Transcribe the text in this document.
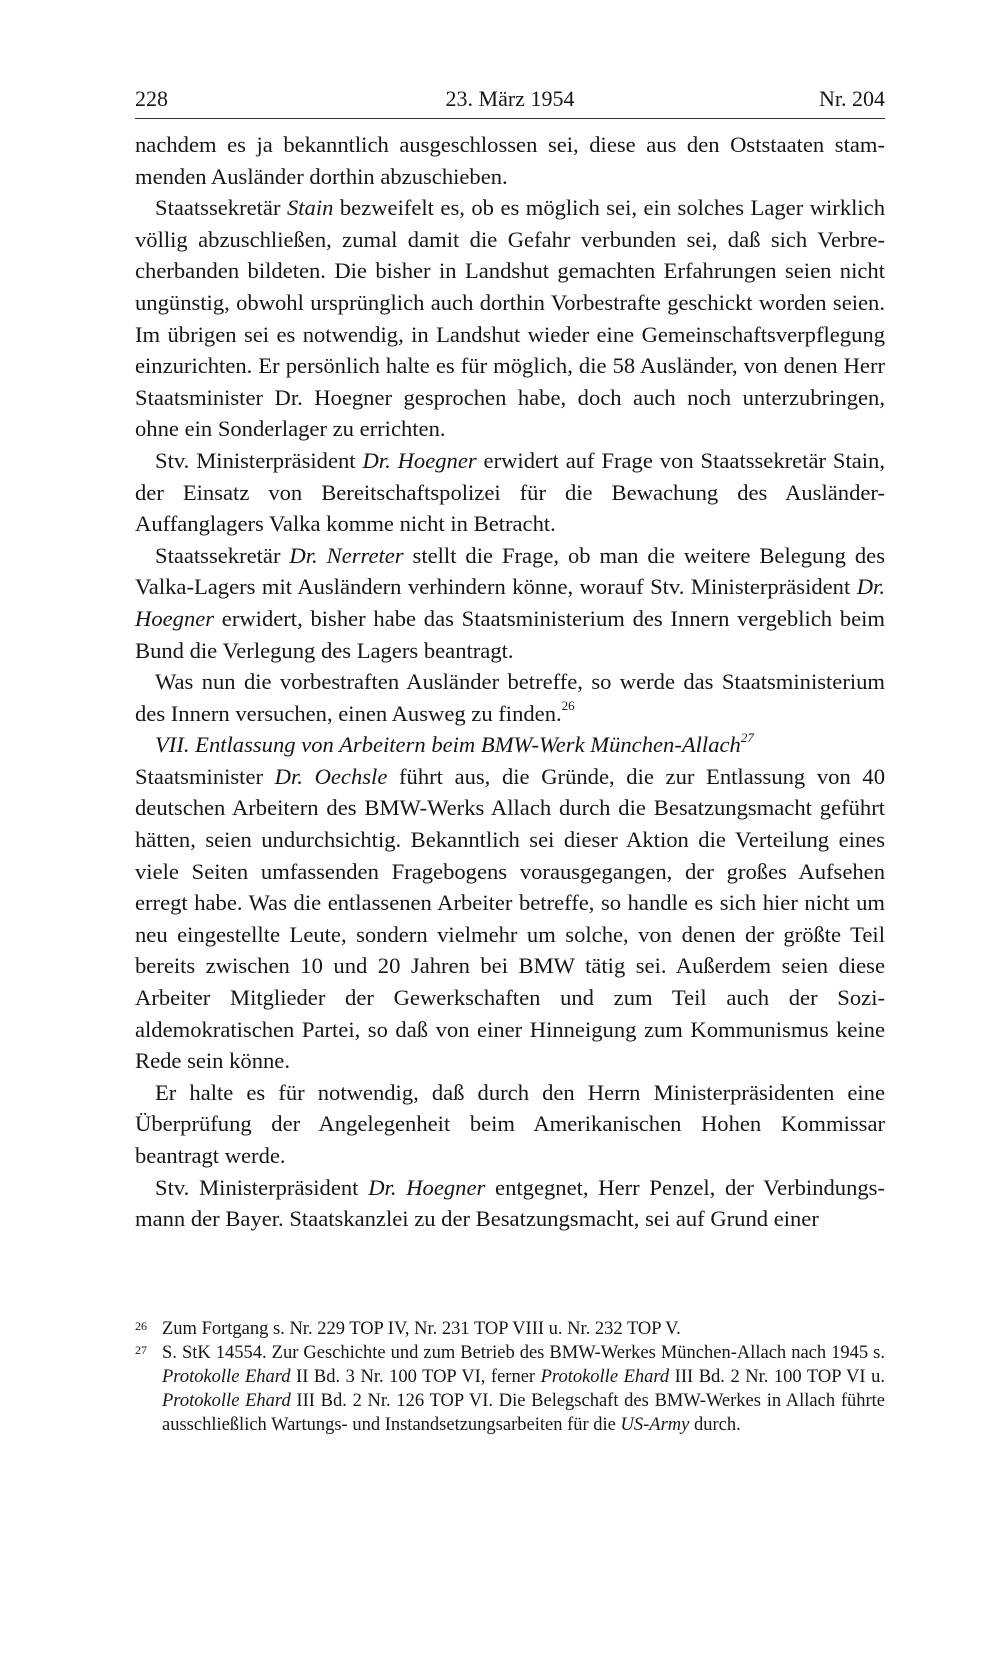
228	23. März 1954	Nr. 204

nachdem es ja bekanntlich ausgeschlossen sei, diese aus den Oststaaten stammenden Ausländer dorthin abzuschieben.

Staatssekretär Stain bezweifelt es, ob es möglich sei, ein solches Lager wirklich völlig abzuschließen, zumal damit die Gefahr verbunden sei, daß sich Verbrecherbanden bildeten. Die bisher in Landshut gemachten Erfahrungen seien nicht ungünstig, obwohl ursprünglich auch dorthin Vorbestrafte geschickt worden seien. Im übrigen sei es notwendig, in Landshut wieder eine Gemeinschaftsverpflegung einzurichten. Er persönlich halte es für möglich, die 58 Ausländer, von denen Herr Staatsminister Dr. Hoegner gesprochen habe, doch auch noch unterzubringen, ohne ein Sonderlager zu errichten.

Stv. Ministerpräsident Dr. Hoegner erwidert auf Frage von Staatssekretär Stain, der Einsatz von Bereitschaftspolizei für die Bewachung des Ausländer-Auffanglagers Valka komme nicht in Betracht.

Staatssekretär Dr. Nerreter stellt die Frage, ob man die weitere Belegung des Valka-Lagers mit Ausländern verhindern könne, worauf Stv. Ministerpräsident Dr. Hoegner erwidert, bisher habe das Staatsministerium des Innern vergeblich beim Bund die Verlegung des Lagers beantragt.

Was nun die vorbestraften Ausländer betreffe, so werde das Staatsministerium des Innern versuchen, einen Ausweg zu finden.$^{26}$

VII. Entlassung von Arbeitern beim BMW-Werk München-Allach$^{27}$

Staatsminister Dr. Oechsle führt aus, die Gründe, die zur Entlassung von 40 deutschen Arbeitern des BMW-Werks Allach durch die Besatzungsmacht geführt hätten, seien undurchsichtig. Bekanntlich sei dieser Aktion die Verteilung eines viele Seiten umfassenden Fragebogens vorausgegangen, der großes Aufsehen erregt habe. Was die entlassenen Arbeiter betreffe, so handle es sich hier nicht um neu eingestellte Leute, sondern vielmehr um solche, von denen der größte Teil bereits zwischen 10 und 20 Jahren bei BMW tätig sei. Außerdem seien diese Arbeiter Mitglieder der Gewerkschaften und zum Teil auch der Sozialdemokratischen Partei, so daß von einer Hinneigung zum Kommunismus keine Rede sein könne.

Er halte es für notwendig, daß durch den Herrn Ministerpräsidenten eine Überprüfung der Angelegenheit beim Amerikanischen Hohen Kommissar beantragt werde.

Stv. Ministerpräsident Dr. Hoegner entgegnet, Herr Penzel, der Verbindungsmann der Bayer. Staatskanzlei zu der Besatzungsmacht, sei auf Grund einer

26 Zum Fortgang s. Nr. 229 TOP IV, Nr. 231 TOP VIII u. Nr. 232 TOP V.

27 S. StK 14554. Zur Geschichte und zum Betrieb des BMW-Werkes München-Allach nach 1945 s. Protokolle Ehard II Bd. 3 Nr. 100 TOP VI, ferner Protokolle Ehard III Bd. 2 Nr. 100 TOP VI u. Protokolle Ehard III Bd. 2 Nr. 126 TOP VI. Die Belegschaft des BMW-Werkes in Allach führte ausschließlich Wartungs- und Instandsetzungsarbeiten für die US-Army durch.
